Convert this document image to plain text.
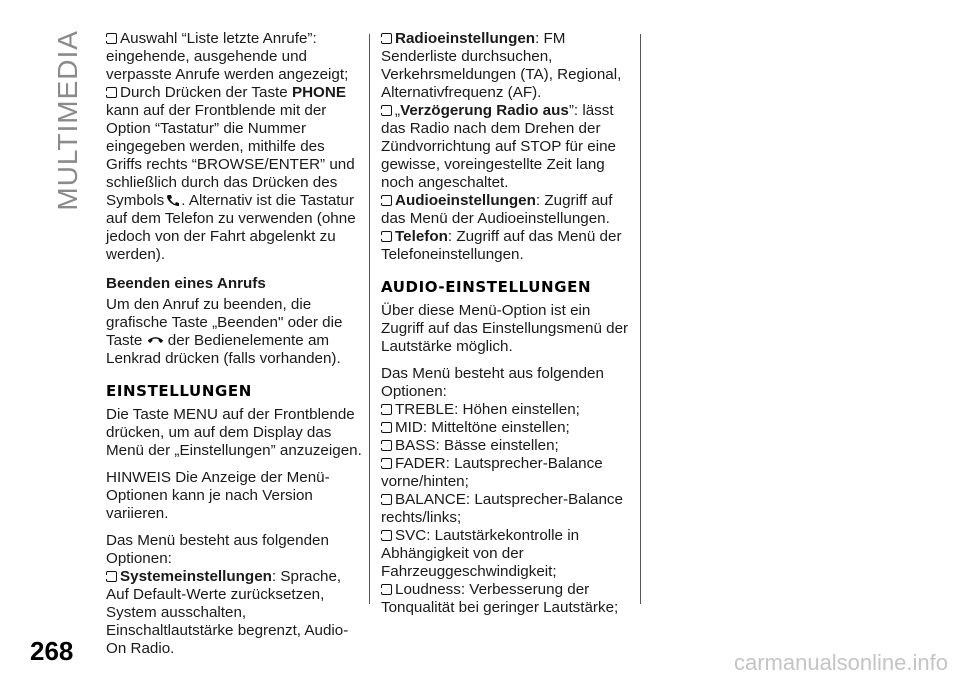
MULTIMEDIA	Auswahl “Liste letzte Anrufe”: eingehende, ausgehende und verpasste Anrufe werden angezeigt;

Durch Drücken der Taste PHONE kann auf der Frontblende mit der Option “Tastatur” die Nummer eingegeben werden, mithilfe des Griffs rechts “BROWSE/ENTER” und schließlich durch das Drücken des Symbols . Alternativ ist die Tastatur auf dem Telefon zu verwenden (ohne jedoch von der Fahrt abgelenkt zu werden).

Beenden eines Anrufs

Um den Anruf zu beenden, die grafische Taste „Beenden" oder die Taste der Bedienelemente am Lenkrad drücken (falls vorhanden).

EINSTELLUNGEN

Die Taste MENU auf der Frontblende drücken, um auf dem Display das Menü der „Einstellungen” anzuzeigen.

HINWEIS Die Anzeige der Menü-Optionen kann je nach Version variieren.

Das Menü besteht aus folgenden Optionen:

Systemeinstellungen: Sprache, Auf Default-Werte zurücksetzen, System ausschalten, Einschaltlautstärke begrenzt, Audio-On Radio.

Radioeinstellungen: FM Senderliste durchsuchen, Verkehrsmeldungen (TA), Regional, Alternativfrequenz (AF).

„Verzögerung Radio aus”: lässt das Radio nach dem Drehen der Zündvorrichtung auf STOP für eine gewisse, voreingestellte Zeit lang noch angeschaltet.

Audioeinstellungen: Zugriff auf das Menü der Audioeinstellungen.

Telefon: Zugriff auf das Menü der Telefoneinstellungen.

AUDIO-EINSTELLUNGEN

Über diese Menü-Option ist ein Zugriff auf das Einstellungsmenü der Lautstärke möglich.

Das Menü besteht aus folgenden Optionen:

TREBLE: Höhen einstellen;

MID: Mitteltöne einstellen;

BASS: Bässe einstellen;

FADER: Lautsprecher-Balance vorne/hinten;

BALANCE: Lautsprecher-Balance rechts/links;

SVC: Lautstärkekontrolle in Abhängigkeit von der Fahrzeuggeschwindigkeit;

Loudness: Verbesserung der Tonqualität bei geringer Lautstärke;

268	carmanualsonline.info
